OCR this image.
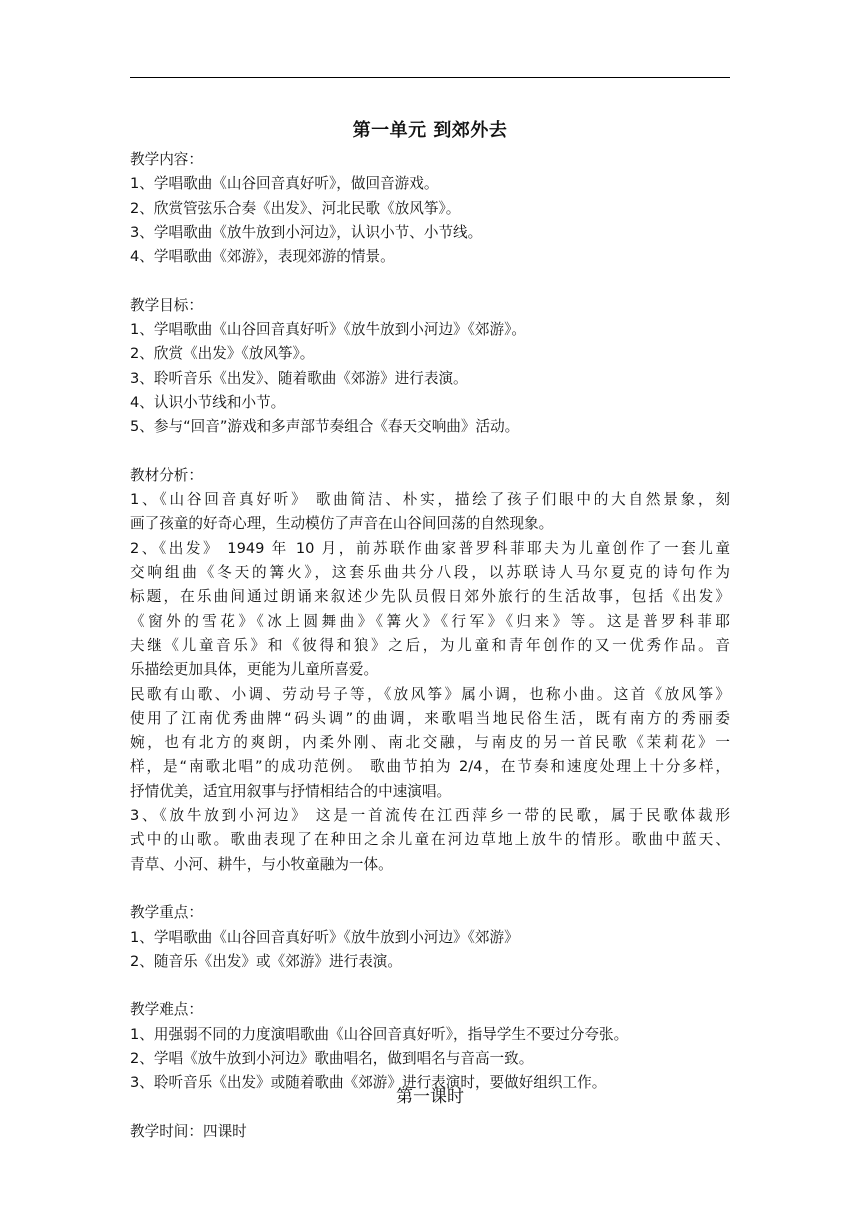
第一单元 到郊外去
教学内容：
1、学唱歌曲《山谷回音真好听》，做回音游戏。
2、欣赏管弦乐合奏《出发》、河北民歌《放风筝》。
3、学唱歌曲《放牛放到小河边》，认识小节、小节线。
4、学唱歌曲《郊游》，表现郊游的情景。
教学目标：
1、学唱歌曲《山谷回音真好听》《放牛放到小河边》《郊游》。
2、欣赏《出发》《放风筝》。
3、聆听音乐《出发》、随着歌曲《郊游》进行表演。
4、认识小节线和小节。
5、参与“回音”游戏和多声部节奏组合《春天交响曲》活动。
教材分析：
1、《山谷回音真好听》 歌曲简洁、朴实，描绘了孩子们眼中的大自然景象，刻
画了孩童的好奇心理，生动模仿了声音在山谷间回荡的自然现象。
2、《出发》 1949 年 10 月，前苏联作曲家普罗科菲耶夫为儿童创作了一套儿童
交响组曲《冬天的篝火》，这套乐曲共分八段，以苏联诗人马尔夏克的诗句作为
标题，在乐曲间通过朗诵来叙述少先队员假日郊外旅行的生活故事，包括《出发》
《窗外的雪花》《冰上圆舞曲》《篝火》《行军》《归来》等。这是普罗科菲耶
夫继《儿童音乐》和《彼得和狼》之后，为儿童和青年创作的又一优秀作品。音
乐描绘更加具体，更能为儿童所喜爱。
民歌有山歌、小调、劳动号子等，《放风筝》属小调，也称小曲。这首《放风筝》
使用了江南优秀曲牌“码头调”的曲调，来歌唱当地民俗生活，既有南方的秀丽委
婉，也有北方的爽朗，内柔外刚、南北交融，与南皮的另一首民歌《茉莉花》一
样，是“南歌北唱”的成功范例。 歌曲节拍为 2/4，在节奏和速度处理上十分多样，
抒情优美，适宜用叙事与抒情相结合的中速演唱。
3、《放牛放到小河边》 这是一首流传在江西萍乡一带的民歌，属于民歌体裁形
式中的山歌。歌曲表现了在种田之余儿童在河边草地上放牛的情形。歌曲中蓝天、
青草、小河、耕牛，与小牧童融为一体。
教学重点：
1、学唱歌曲《山谷回音真好听》《放牛放到小河边》《郊游》
2、随音乐《出发》或《郊游》进行表演。
教学难点：
1、用强弱不同的力度演唱歌曲《山谷回音真好听》，指导学生不要过分夸张。
2、学唱《放牛放到小河边》歌曲唱名，做到唱名与音高一致。
3、聆听音乐《出发》或随着歌曲《郊游》进行表演时，要做好组织工作。
教学时间：四课时
第一课时
